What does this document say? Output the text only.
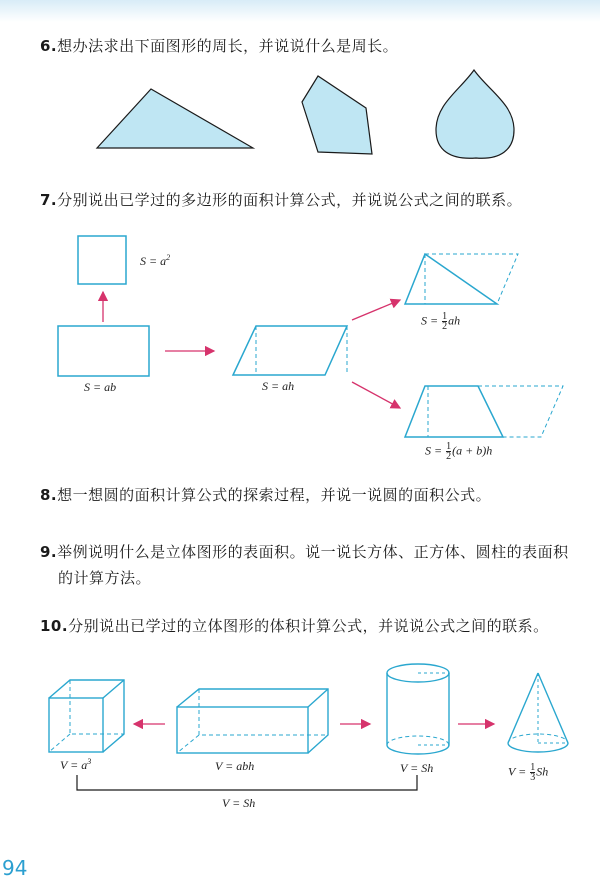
6.想办法求出下面图形的周长，并说说什么是周长。
7.分别说出已学过的多边形的面积计算公式，并说说公式之间的联系。
$S = a^2$
S = ab	S = ah
$S = \frac{1}{2}$ ah
$S = \frac{1}{2} (a + b)h$
8.想一想圆的面积计算公式的探索过程，并说一说圆的面积公式。
9.举例说明什么是立体图形的表面积。说一说长方体、正方体、圆柱的表面积
的计算方法。
10.分别说出已学过的立体图形的体积计算公式，并说说公式之间的联系。
$V = a^3$	V = abh	V = Sh	$V = \frac{1}{3}$ Sh
V = Sh
94
